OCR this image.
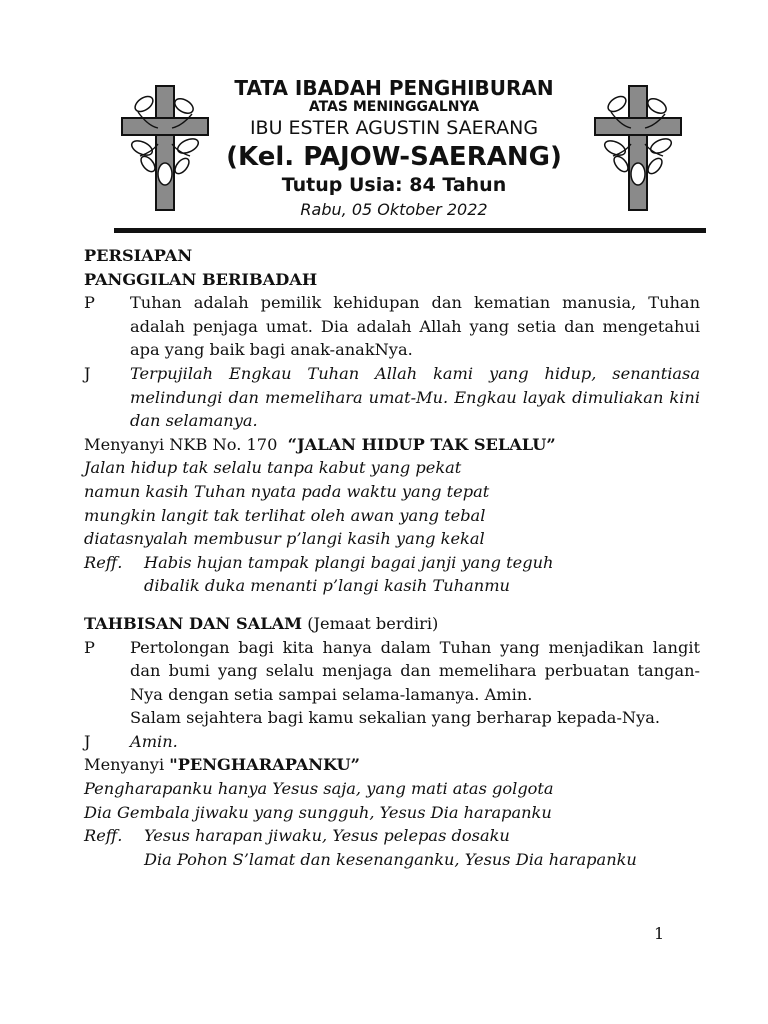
TATA IBADAH PENGHIBURAN
ATAS MENINGGALNYA
IBU ESTER AGUSTIN SAERANG
(Kel. PAJOW-SAERANG)
Tutup Usia: 84 Tahun
Rabu, 05 Oktober 2022
PERSIAPAN
PANGGILAN BERIBADAH
P	Tuhan adalah pemilik kehidupan dan kematian manusia, Tuhan adalah penjaga umat. Dia adalah Allah yang setia dan mengetahui apa yang baik bagi anak-anakNya.
J	Terpujilah Engkau Tuhan Allah kami yang hidup, senantiasa melindungi dan memelihara umat-Mu. Engkau layak dimuliakan kini dan selamanya.
Menyanyi NKB No. 170  “JALAN HIDUP TAK SELALU”
Jalan hidup tak selalu tanpa kabut yang pekat
namun kasih Tuhan nyata pada waktu yang tepat
mungkin langit tak terlihat oleh awan yang tebal
diatasnyalah membusur p’langi kasih yang kekal
Reff.	Habis hujan tampak plangi bagai janji yang teguh
dibalik duka menanti p’langi kasih Tuhanmu
TAHBISAN DAN SALAM (Jemaat berdiri)
P	Pertolongan bagi kita hanya dalam Tuhan yang menjadikan langit dan bumi yang selalu menjaga dan memelihara perbuatan tangan-Nya dengan setia sampai selama-lamanya. Amin.
Salam sejahtera bagi kamu sekalian yang berharap kepada-Nya.
J	Amin.
Menyanyi "PENGHARAPANKU”
Pengharapanku hanya Yesus saja, yang mati atas golgota
Dia Gembala jiwaku yang sungguh, Yesus Dia harapanku
Reff.	Yesus harapan jiwaku, Yesus pelepas dosaku
Dia Pohon S’lamat dan kesenanganku, Yesus Dia harapanku
1
